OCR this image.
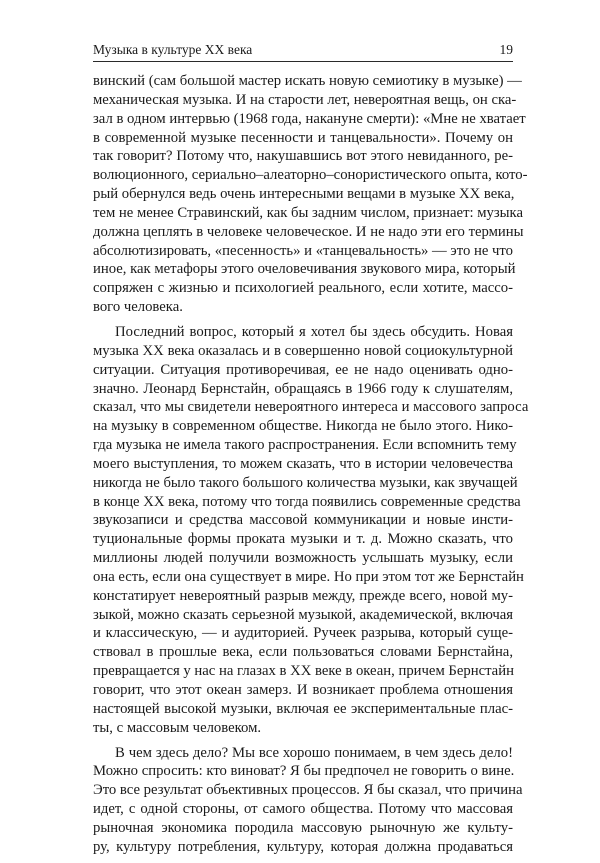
Музыка в культуре XX века	19
винский (сам большой мастер искать новую семиотику в музыке) —
механическая музыка. И на старости лет, невероятная вещь, он ска-
зал в одном интервью (1968 года, накануне смерти): «Мне не хватает
в современной музыке песенности и танцевальности». Почему он
так говорит? Потому что, накушавшись вот этого невиданного, ре-
волюционного, сериально–алеаторно–сонористического опыта, кото-
рый обернулся ведь очень интересными вещами в музыке XX века,
тем не менее Стравинский, как бы задним числом, признает: музыка
должна цеплять в человеке человеческое. И не надо эти его термины
абсолютизировать, «песенность» и «танцевальность» — это не что
иное, как метафоры этого очеловечивания звукового мира, который
сопряжен с жизнью и психологией реального, если хотите, массо-
вого человека.
Последний вопрос, который я хотел бы здесь обсудить. Новая
музыка XX века оказалась и в совершенно новой социокультурной
ситуации. Ситуация противоречивая, ее не надо оценивать одно-
значно. Леонард Бернстайн, обращаясь в 1966 году к слушателям,
сказал, что мы свидетели невероятного интереса и массового запроса
на музыку в современном обществе. Никогда не было этого. Нико-
гда музыка не имела такого распространения. Если вспомнить тему
моего выступления, то можем сказать, что в истории человечества
никогда не было такого большого количества музыки, как звучащей
в конце XX века, потому что тогда появились современные средства
звукозаписи и средства массовой коммуникации и новые инсти-
туциональные формы проката музыки и т. д. Можно сказать, что
миллионы людей получили возможность услышать музыку, если
она есть, если она существует в мире. Но при этом тот же Бернстайн
констатирует невероятный разрыв между, прежде всего, новой му-
зыкой, можно сказать серьезной музыкой, академической, включая
и классическую, — и аудиторией. Ручеек разрыва, который суще-
ствовал в прошлые века, если пользоваться словами Бернстайна,
превращается у нас на глазах в XX веке в океан, причем Бернстайн
говорит, что этот океан замерз. И возникает проблема отношения
настоящей высокой музыки, включая ее экспериментальные плас-
ты, с массовым человеком.
В чем здесь дело? Мы все хорошо понимаем, в чем здесь дело!
Можно спросить: кто виноват? Я бы предпочел не говорить о вине.
Это все результат объективных процессов. Я бы сказал, что причина
идет, с одной стороны, от самого общества. Потому что массовая
рыночная экономика породила массовую рыночную же культу-
ру, культуру потребления, культуру, которая должна продаваться
